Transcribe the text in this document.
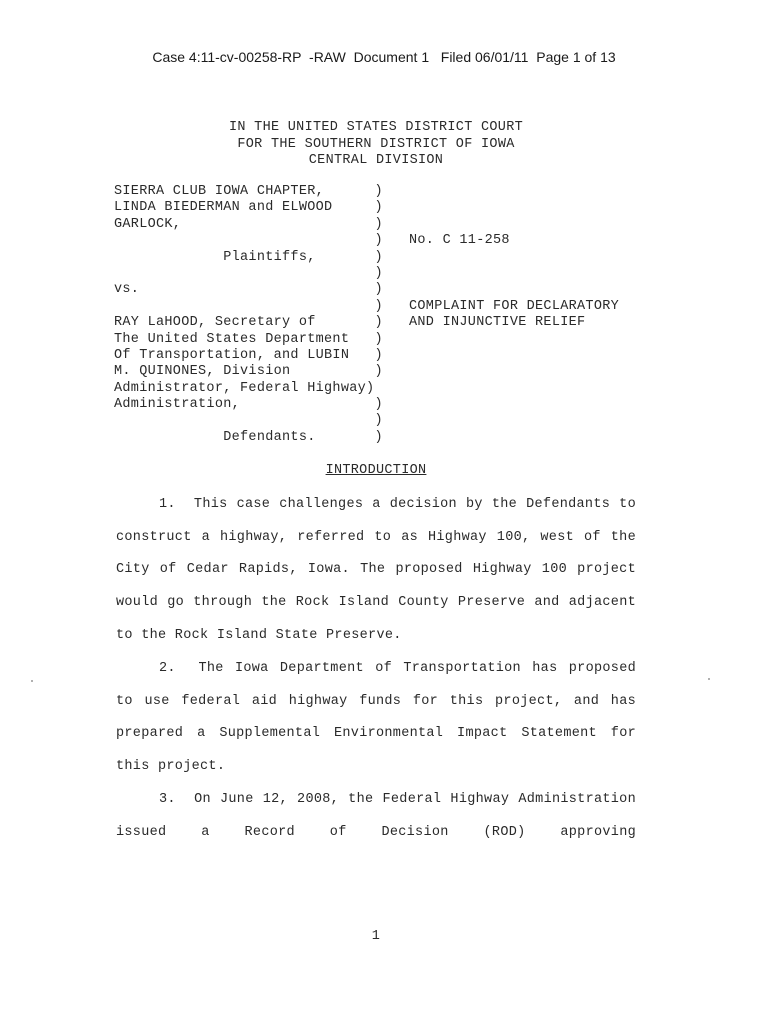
Case 4:11-cv-00258-RP  -RAW  Document 1   Filed 06/01/11  Page 1 of 13
IN THE UNITED STATES DISTRICT COURT
FOR THE SOUTHERN DISTRICT OF IOWA
CENTRAL DIVISION
SIERRA CLUB IOWA CHAPTER,      )
LINDA BIEDERMAN and ELWOOD     )
GARLOCK,                       )
)
Plaintiffs,       )
)
vs.                            )
)
RAY LaHOOD, Secretary of       )
The United States Department   )
Of Transportation, and LUBIN   )
M. QUINONES, Division          )
Administrator, Federal Highway)
Administration,                )
)
Defendants.       )
No. C 11-258
COMPLAINT FOR DECLARATORY
AND INJUNCTIVE RELIEF
INTRODUCTION

1. This case challenges a decision by the Defendants to construct a highway, referred to as Highway 100, west of the City of Cedar Rapids, Iowa. The proposed Highway 100 project would go through the Rock Island County Preserve and adjacent to the Rock Island State Preserve.

2. The Iowa Department of Transportation has proposed to use federal aid highway funds for this project, and has prepared a Supplemental Environmental Impact Statement for this project.

3. On June 12, 2008, the Federal Highway Administration issued a Record of Decision (ROD) approving

1
